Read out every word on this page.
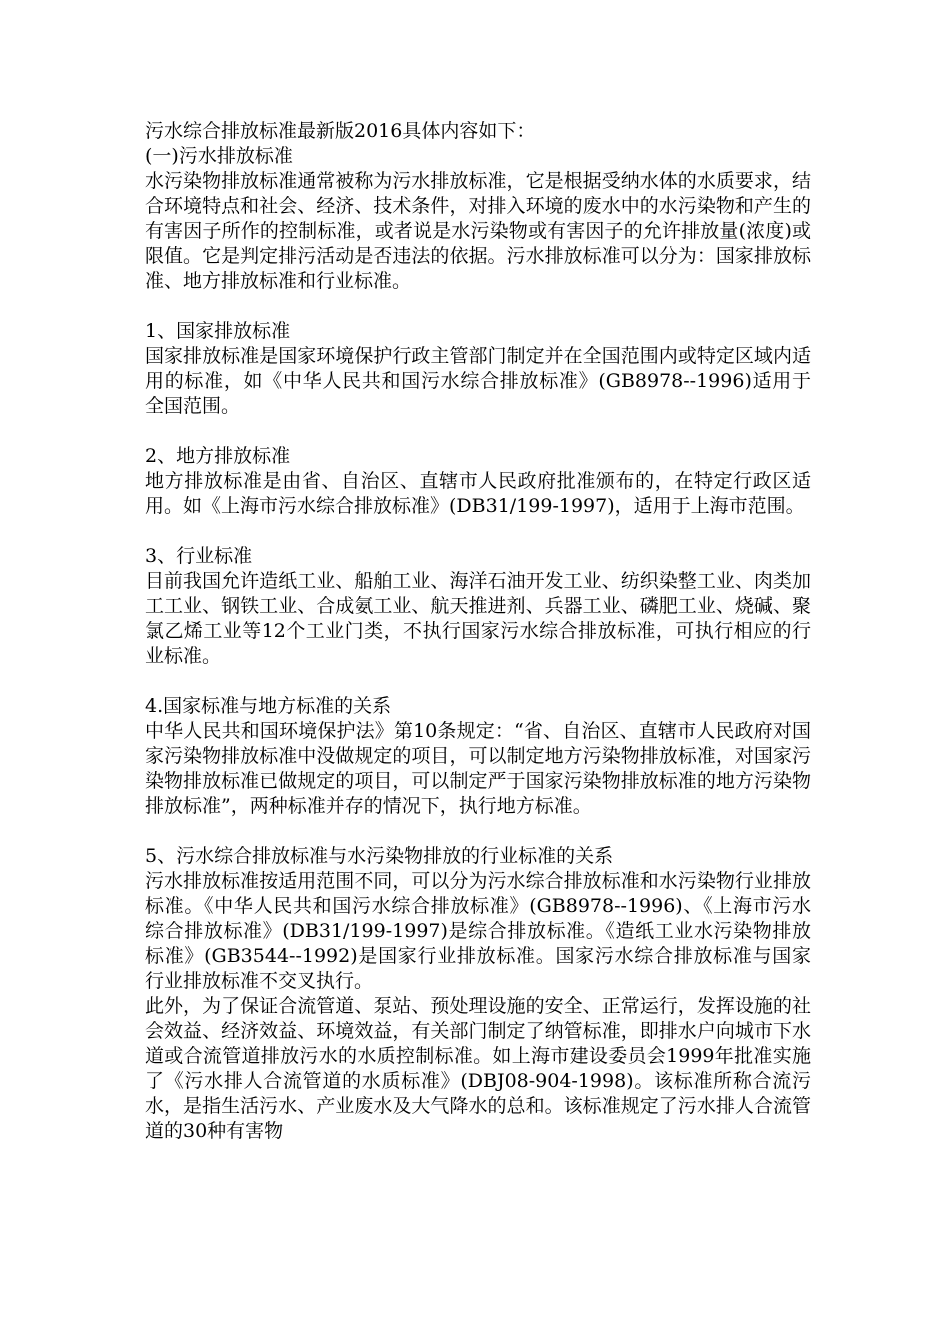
污水综合排放标准最新版2016具体内容如下：

(一)污水排放标准

水污染物排放标准通常被称为污水排放标准，它是根据受纳水体的水质要求，结合环境特点和社会、经济、技术条件，对排入环境的废水中的水污染物和产生的有害因子所作的控制标准，或者说是水污染物或有害因子的允许排放量(浓度)或限值。它是判定排污活动是否违法的依据。污水排放标准可以分为：国家排放标准、地方排放标准和行业标准。

1、国家排放标准

国家排放标准是国家环境保护行政主管部门制定并在全国范围内或特定区域内适用的标准，如《中华人民共和国污水综合排放标准》(GB8978--1996)适用于全国范围。

2、地方排放标准

地方排放标准是由省、自治区、直辖市人民政府批准颁布的，在特定行政区适用。如《上海市污水综合排放标准》(DB31/199-1997)，适用于上海市范围。

3、行业标准

目前我国允许造纸工业、船舶工业、海洋石油开发工业、纺织染整工业、肉类加工工业、钢铁工业、合成氨工业、航天推进剂、兵器工业、磷肥工业、烧碱、聚氯乙烯工业等12个工业门类，不执行国家污水综合排放标准，可执行相应的行业标准。

4.国家标准与地方标准的关系

中华人民共和国环境保护法》第10条规定：“省、自治区、直辖市人民政府对国家污染物排放标准中没做规定的项目，可以制定地方污染物排放标准，对国家污染物排放标准已做规定的项目，可以制定严于国家污染物排放标准的地方污染物排放标准”，两种标准并存的情况下，执行地方标准。

5、污水综合排放标准与水污染物排放的行业标准的关系

污水排放标准按适用范围不同，可以分为污水综合排放标准和水污染物行业排放标准。《中华人民共和国污水综合排放标准》(GB8978--1996)、《上海市污水综合排放标准》(DB31/199-1997)是综合排放标准。《造纸工业水污染物排放标准》(GB3544--1992)是国家行业排放标准。国家污水综合排放标准与国家行业排放标准不交叉执行。

此外，为了保证合流管道、泵站、预处理设施的安全、正常运行，发挥设施的社会效益、经济效益、环境效益，有关部门制定了纳管标准，即排水户向城市下水道或合流管道排放污水的水质控制标准。如上海市建设委员会1999年批准实施了《污水排人合流管道的水质标准》(DBJ08-904-1998)。该标准所称合流污水，是指生活污水、产业废水及大气降水的总和。该标准规定了污水排人合流管道的30种有害物
